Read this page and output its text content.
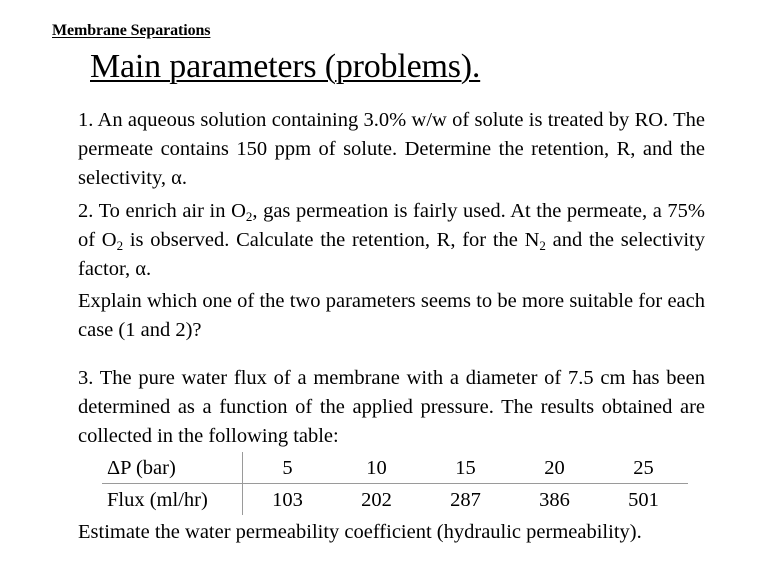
Membrane Separations
Main parameters (problems).

1. An aqueous solution containing 3.0% w/w of solute is treated by RO. The permeate contains 150 ppm of solute. Determine the retention, R, and the selectivity, α.

2. To enrich air in $O_2$, gas permeation is fairly used. At the permeate, a 75% of $O_2$ is observed. Calculate the retention, R, for the $N_2$ and the selectivity factor, α.

Explain which one of the two parameters seems to be more suitable for each case (1 and 2)?

3. The pure water flux of a membrane with a diameter of 7.5 cm has been determined as a function of the applied pressure. The results obtained are collected in the following table:

ΔP (bar)	5	10	15	20	25
Flux (ml/hr)	103	202	287	386	501

Estimate the water permeability coefficient (hydraulic permeability).
